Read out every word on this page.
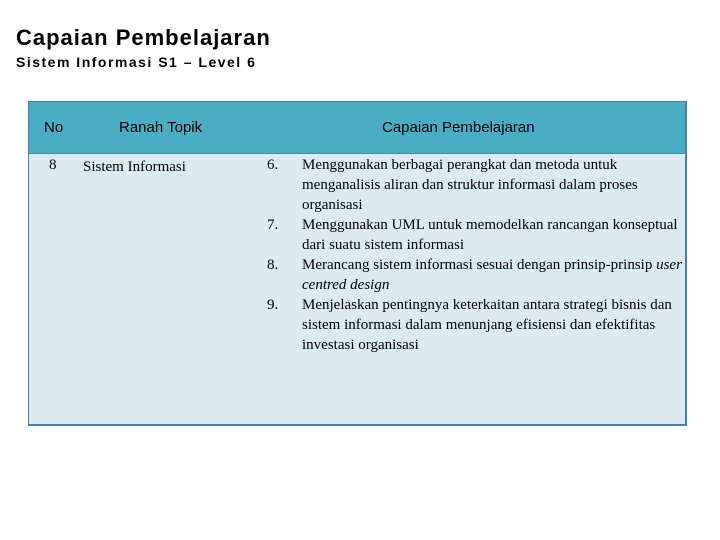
Capaian Pembelajaran
Sistem Informasi S1 – Level 6
No	Ranah Topik	Capaian Pembelajaran
8 Sistem Informasi	6. Menggunakan berbagai perangkat dan metoda untuk menganalisis aliran dan struktur informasi dalam proses organisasi
7. Menggunakan UML untuk memodelkan rancangan konseptual dari suatu sistem informasi
8. Merancang sistem informasi sesuai dengan prinsip-prinsip user centred design
9. Menjelaskan pentingnya keterkaitan antara strategi bisnis dan sistem informasi dalam menunjang efisiensi dan efektifitas investasi organisasi
